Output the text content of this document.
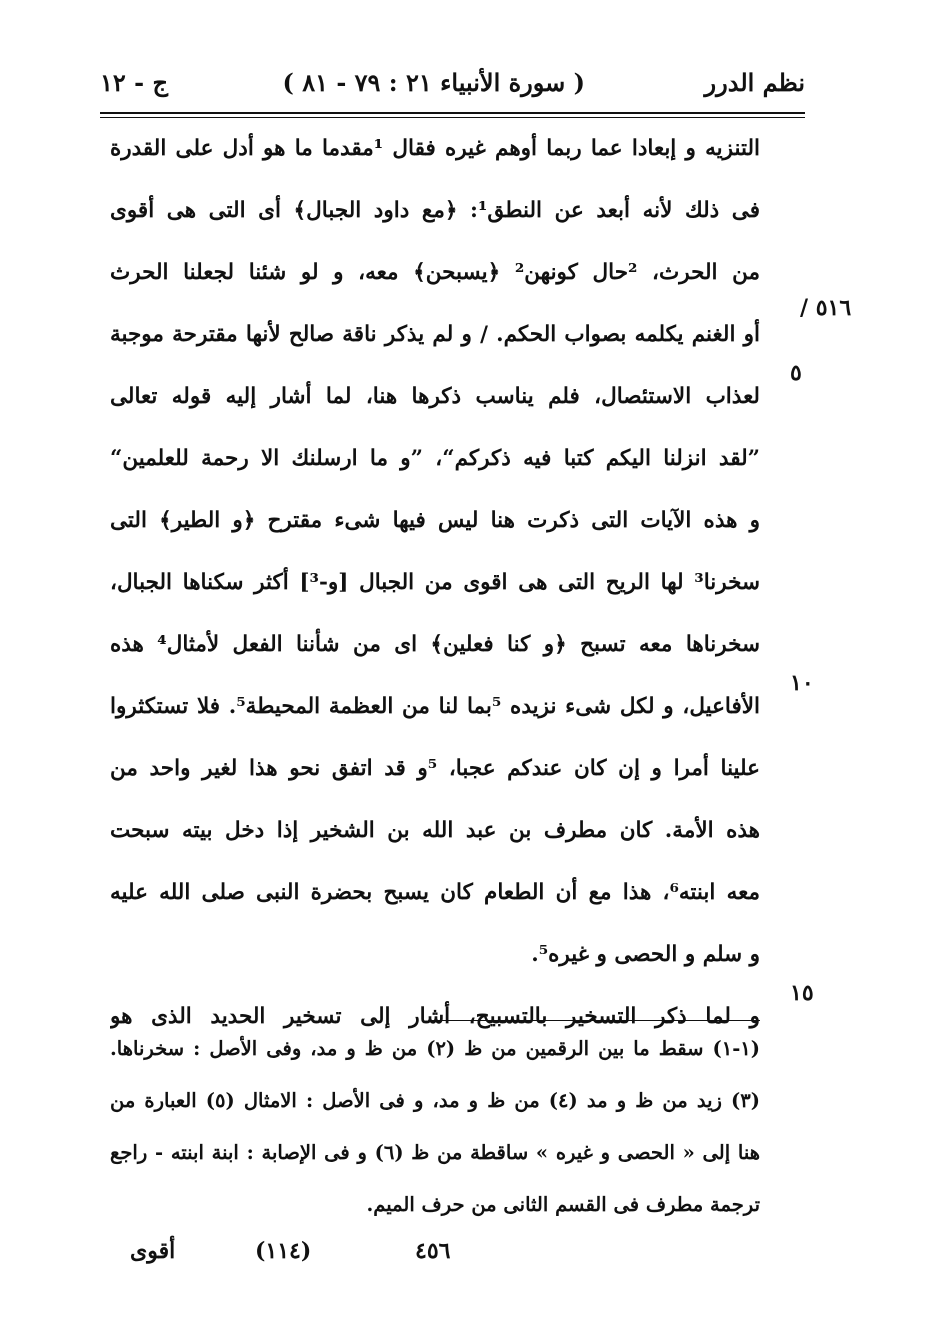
نظم الدرر
( سورة الأنبياء ٢١ : ٧٩ - ٨١ )
ج - ١٢
٥١٦ /
التنزيه و إبعادا عما ربما أوهم غيره فقال ¹مقدما ما هو أدل على القدرة
فى ذلك لأنه أبعد عن النطق¹: ﴿مع داود الجبال﴾ أى التى هى أقوى
من الحرث، ²حال كونهن² ﴿يسبحن﴾ معه، و لو شئنا لجعلنا الحرث
أو الغنم يكلمه بصواب الحكم. / و لم يذكر ناقة صالح لأنها مقترحة موجبة
لعذاب الاستئصال، فلم يناسب ذكرها هنا، لما أشار إليه قوله تعالى
”لقد انزلنا اليكم كتبا فيه ذكركم“، ”و ما ارسلنك الا رحمة للعلمين“
و هذه الآيات التى ذكرت هنا ليس فيها شىء مقترح ﴿و الطير﴾ التى
سخرنا³ لها الريح التى هى اقوى من الجبال [و-³] أكثر سكناها الجبال،
سخرناها معه تسبح ﴿و كنا فعلين﴾ اى من شأننا الفعل لأمثال⁴ هذه
الأفاعيل، و لكل شىء نزيده ⁵بما لنا من العظمة المحيطة⁵. فلا تستكثروا
علينا أمرا و إن كان عندكم عجبا، ⁵و قد اتفق نحو هذا لغير واحد من
هذه الأمة. كان مطرف بن عبد الله بن الشخير إذا دخل بيته سبحت
معه ابنته⁶، هذا مع أن الطعام كان يسبح بحضرة النبى صلى الله عليه
و سلم و الحصى و غيره⁵.
و لما ذكر التسخير بالتسبيح، أشار إلى تسخير الحديد الذى هو
٥
١٠
١٥
(١-١) سقط ما بين الرقمين من ظ (٢) من ظ و مد، وفى الأصل : سخرناها.
(٣) زيد من ظ و مد (٤) من ظ و مد، و فى الأصل : الامثال (٥) العبارة من
هنا إلى « الحصى و غيره » ساقطة من ظ (٦) و فى الإصابة : ابنة ابنته - راجع
ترجمة مطرف فى القسم الثانى من حرف الميم.
٤٥٦
(١١٤)
أقوى
